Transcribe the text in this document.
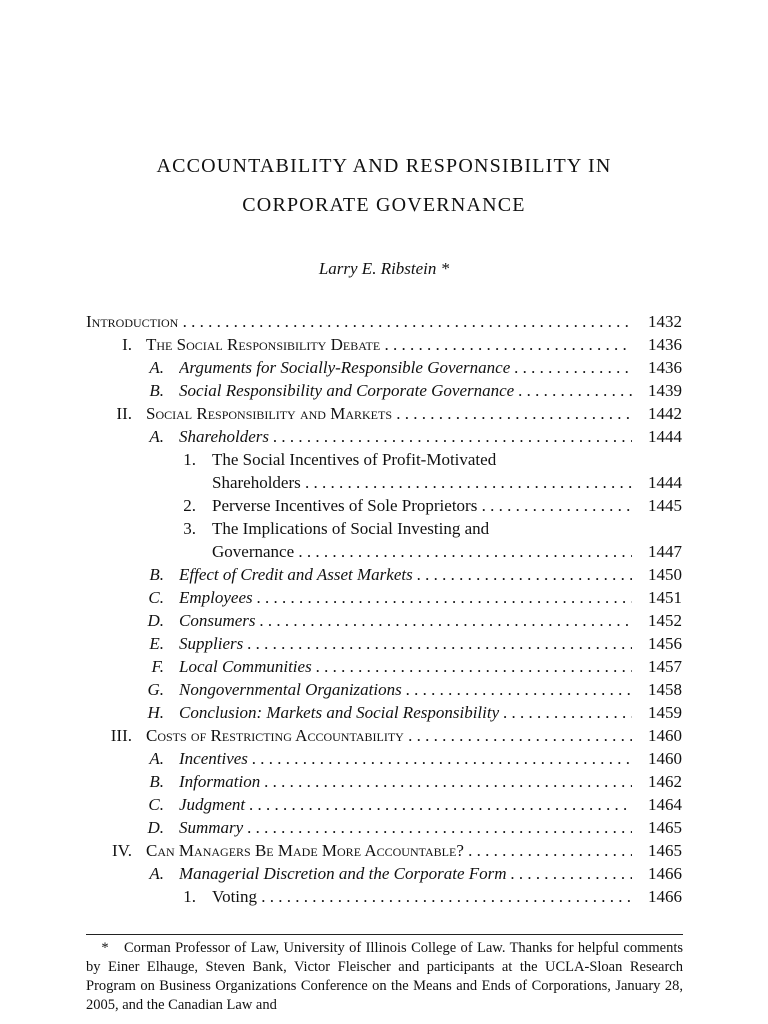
ACCOUNTABILITY AND RESPONSIBILITY IN
CORPORATE GOVERNANCE
Larry E. Ribstein *
Introduction . . .	1432
I. The Social Responsibility Debate . . .	1436
A. Arguments for Socially-Responsible Governance . . .	1436
B. Social Responsibility and Corporate Governance . . .	1439
II. Social Responsibility and Markets . . .	1442
A. Shareholders . . .	1444
1. The Social Incentives of Profit-Motivated
Shareholders . . .	1444
2. Perverse Incentives of Sole Proprietors . . .	1445
3. The Implications of Social Investing and
Governance . . .	1447
B. Effect of Credit and Asset Markets . . .	1450
C. Employees . . .	1451
D. Consumers . . .	1452
E. Suppliers . . .	1456
F. Local Communities . . .	1457
G. Nongovernmental Organizations . . .	1458
H. Conclusion: Markets and Social Responsibility . . .	1459
III. Costs of Restricting Accountability . . .	1460
A. Incentives . . .	1460
B. Information . . .	1462
C. Judgment . . .	1464
D. Summary . . .	1465
IV. Can Managers Be Made More Accountable? . . .	1465
A. Managerial Discretion and the Corporate Form . . .	1466
1. Voting . . .	1466
* Corman Professor of Law, University of Illinois College of Law. Thanks for helpful comments by Einer Elhauge, Steven Bank, Victor Fleischer and participants at the UCLA-Sloan Research Program on Business Organizations Conference on the Means and Ends of Corporations, January 28, 2005, and the Canadian Law and
